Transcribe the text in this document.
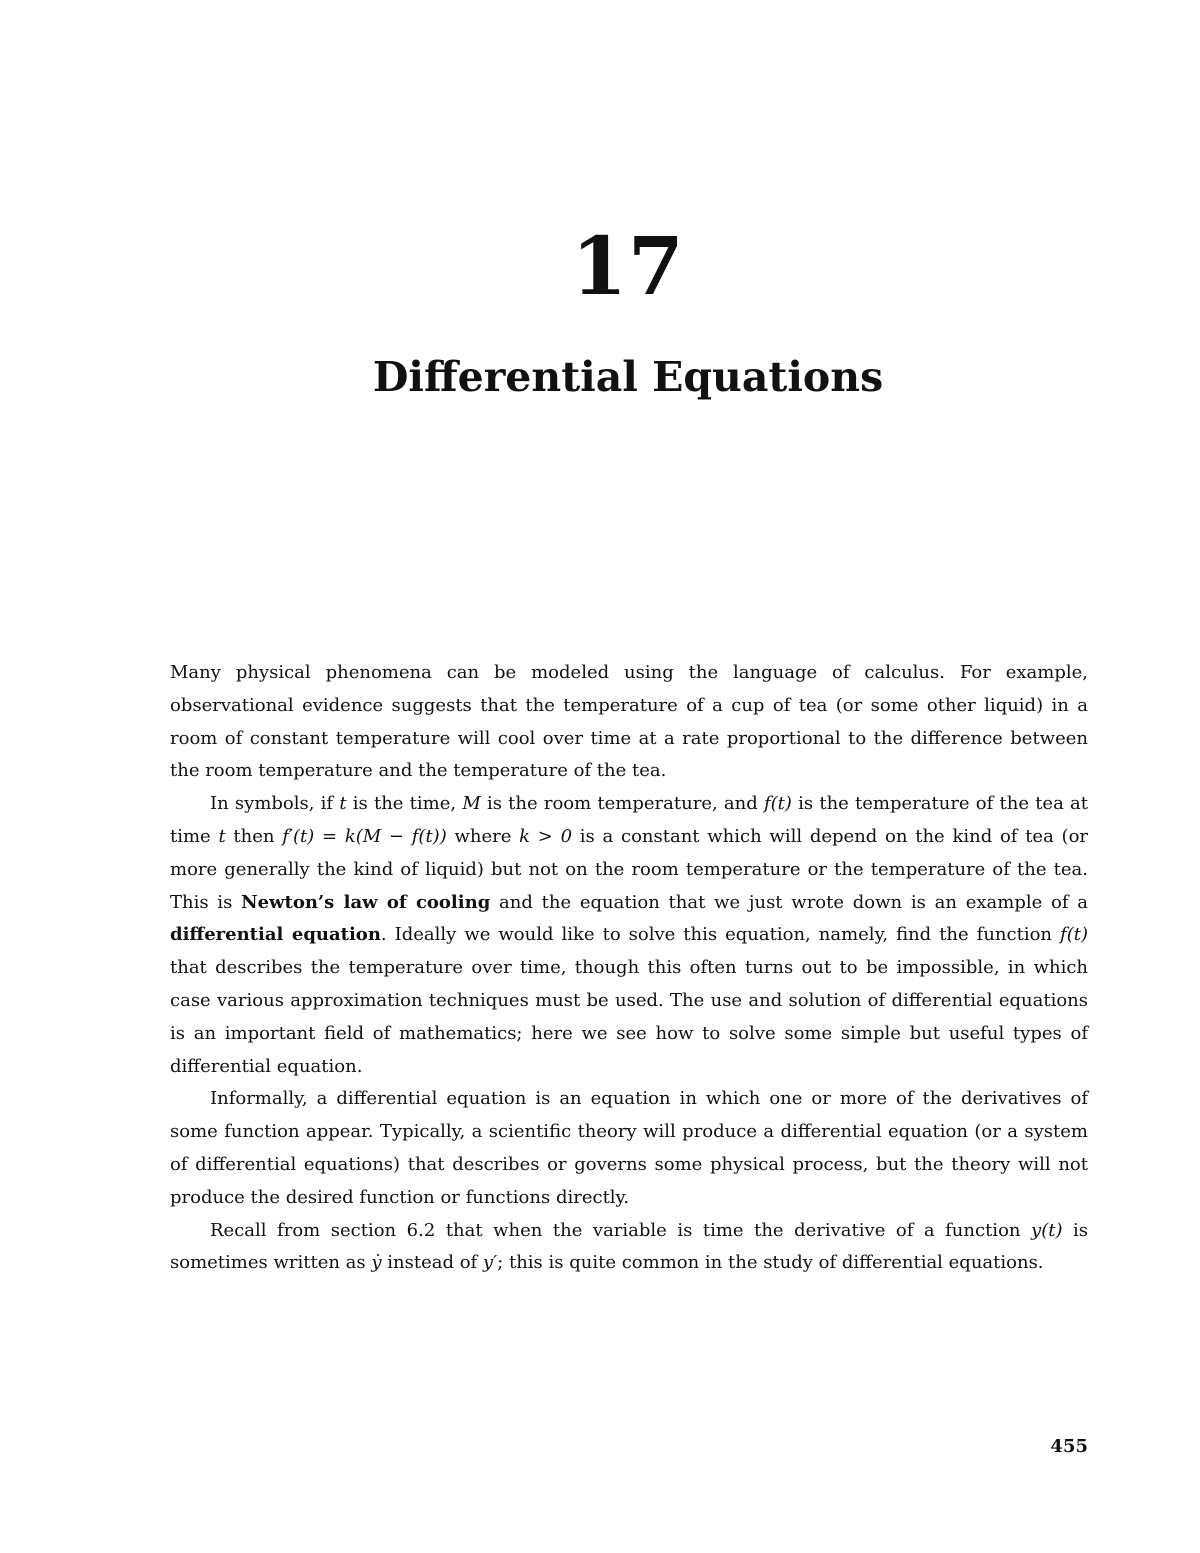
17
Differential Equations

Many physical phenomena can be modeled using the language of calculus. For example, observational evidence suggests that the temperature of a cup of tea (or some other liquid) in a room of constant temperature will cool over time at a rate proportional to the difference between the room temperature and the temperature of the tea.

In symbols, if t is the time, M is the room temperature, and f(t) is the temperature of the tea at time t then f′(t) = k(M − f(t)) where k > 0 is a constant which will depend on the kind of tea (or more generally the kind of liquid) but not on the room temperature or the temperature of the tea. This is Newton’s law of cooling and the equation that we just wrote down is an example of a differential equation. Ideally we would like to solve this equation, namely, find the function f(t) that describes the temperature over time, though this often turns out to be impossible, in which case various approximation techniques must be used. The use and solution of differential equations is an important field of mathematics; here we see how to solve some simple but useful types of differential equation.

Informally, a differential equation is an equation in which one or more of the derivatives of some function appear. Typically, a scientific theory will produce a differential equation (or a system of differential equations) that describes or governs some physical process, but the theory will not produce the desired function or functions directly.

Recall from section 6.2 that when the variable is time the derivative of a function y(t) is sometimes written as ẏ instead of y′; this is quite common in the study of differential equations.

455
